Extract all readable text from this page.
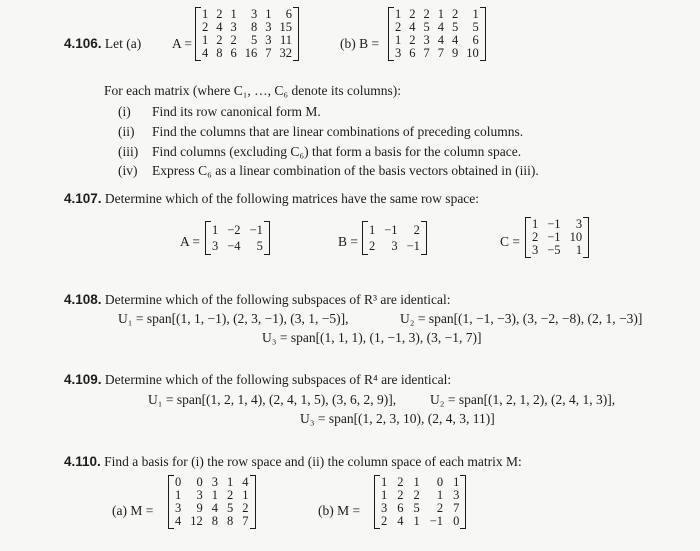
4.106. Let (a) A =
1 2 1	3 1	6
2 4 3	8 3 15
1 2 2	5 3 11
4 8 6 16 7 32
(b) B =
1 2 2 1 2	1
2 4 5 4 5	5
1 2 3 4 4	6
3 6 7 7 9 10
For each matrix (where C₁, …, C₆ denote its columns):
(i) Find its row canonical form M.
(ii) Find the columns that are linear combinations of preceding columns.
(iii) Find columns (excluding C₆) that form a basis for the column space.
(iv) Express C₆ as a linear combination of the basis vectors obtained in (iii).
4.107. Determine which of the following matrices have the same row space:
A =
1 −2 −1
3 −4	5	B =
1 −1	2
2	3 −1	C =
1 −1	3
2 −1 10
3 −5	1
4.108. Determine which of the following subspaces of R³ are identical:
U₁ = span[(1, 1, −1), (2, 3, −1), (3, 1, −5)],	U₂ = span[(1, −1, −3), (3, −2, −8), (2, 1, −3)]
U₃ = span[(1, 1, 1), (1, −1, 3), (3, −1, 7)]
4.109. Determine which of the following subspaces of R⁴ are identical:
U₁ = span[(1, 2, 1, 4), (2, 4, 1, 5), (3, 6, 2, 9)],	U₂ = span[(1, 2, 1, 2), (2, 4, 1, 3)],
U₃ = span[(1, 2, 3, 10), (2, 4, 3, 11)]
4.110. Find a basis for (i) the row space and (ii) the column space of each matrix M:
(a) M =
0	0 3 1 4
1	3 1 2 1
3	9 4 5 2
4 12 8 8 7
(b) M =
1 2 1	0 1
1 2 2	1 3
3 6 5	2 7
2 4 1 −1 0
